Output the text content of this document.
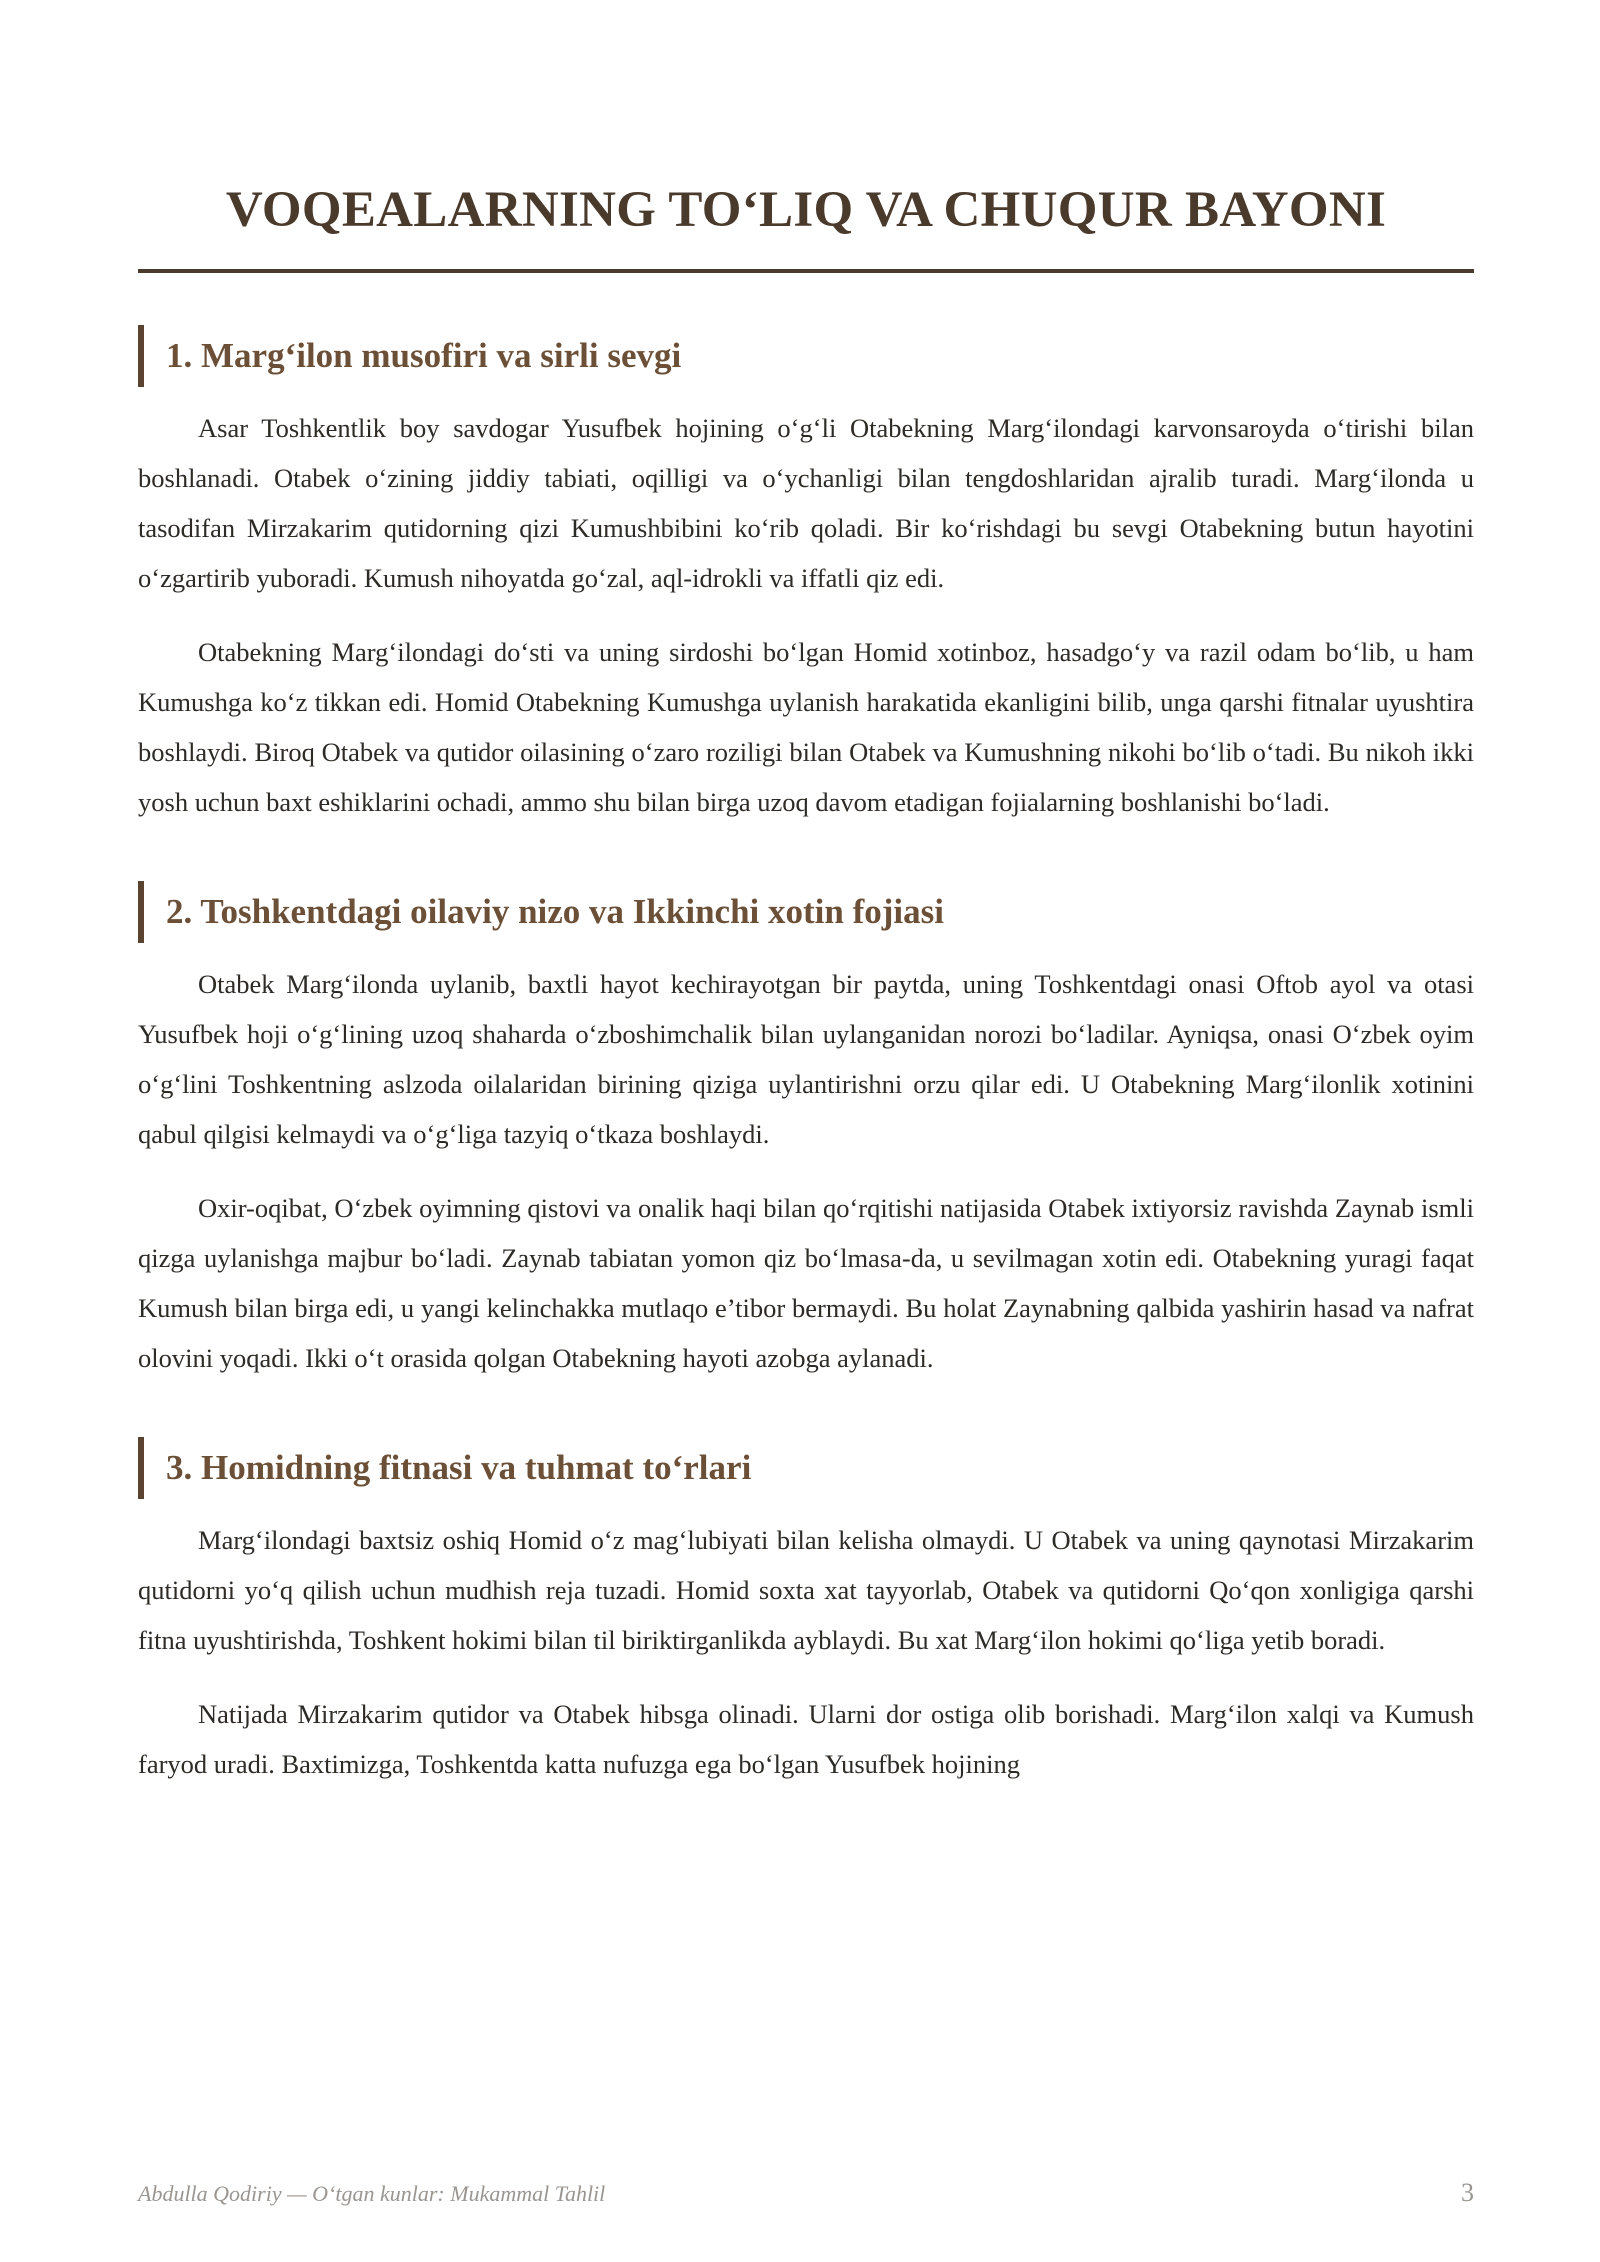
VOQEALARNING TO‘LIQ VA CHUQUR BAYONI
1. Marg‘ilon musofiri va sirli sevgi

Asar Toshkentlik boy savdogar Yusufbek hojining o‘g‘li Otabekning Marg‘ilondagi karvonsaroyda o‘tirishi bilan boshlanadi. Otabek o‘zining jiddiy tabiati, oqilligi va o‘ychanligi bilan tengdoshlaridan ajralib turadi. Marg‘ilonda u tasodifan Mirzakarim qutidorning qizi Kumushbibini ko‘rib qoladi. Bir ko‘rishdagi bu sevgi Otabekning butun hayotini o‘zgartirib yuboradi. Kumush nihoyatda go‘zal, aql-idrokli va iffatli qiz edi.

Otabekning Marg‘ilondagi do‘sti va uning sirdoshi bo‘lgan Homid xotinboz, hasadgo‘y va razil odam bo‘lib, u ham Kumushga ko‘z tikkan edi. Homid Otabekning Kumushga uylanish harakatida ekanligini bilib, unga qarshi fitnalar uyushtira boshlaydi. Biroq Otabek va qutidor oilasining o‘zaro roziligi bilan Otabek va Kumushning nikohi bo‘lib o‘tadi. Bu nikoh ikki yosh uchun baxt eshiklarini ochadi, ammo shu bilan birga uzoq davom etadigan fojialarning boshlanishi bo‘ladi.

2. Toshkentdagi oilaviy nizo va Ikkinchi xotin fojiasi

Otabek Marg‘ilonda uylanib, baxtli hayot kechirayotgan bir paytda, uning Toshkentdagi onasi Oftob ayol va otasi Yusufbek hoji o‘g‘lining uzoq shaharda o‘zboshimchalik bilan uylanganidan norozi bo‘ladilar. Ayniqsa, onasi O‘zbek oyim o‘g‘lini Toshkentning aslzoda oilalaridan birining qiziga uylantirishni orzu qilar edi. U Otabekning Marg‘ilonlik xotinini qabul qilgisi kelmaydi va o‘g‘liga tazyiq o‘tkaza boshlaydi.

Oxir-oqibat, O‘zbek oyimning qistovi va onalik haqi bilan qo‘rqitishi natijasida Otabek ixtiyorsiz ravishda Zaynab ismli qizga uylanishga majbur bo‘ladi. Zaynab tabiatan yomon qiz bo‘lmasa-da, u sevilmagan xotin edi. Otabekning yuragi faqat Kumush bilan birga edi, u yangi kelinchakka mutlaqo e’tibor bermaydi. Bu holat Zaynabning qalbida yashirin hasad va nafrat olovini yoqadi. Ikki o‘t orasida qolgan Otabekning hayoti azobga aylanadi.

3. Homidning fitnasi va tuhmat to‘rlari

Marg‘ilondagi baxtsiz oshiq Homid o‘z mag‘lubiyati bilan kelisha olmaydi. U Otabek va uning qaynotasi Mirzakarim qutidorni yo‘q qilish uchun mudhish reja tuzadi. Homid soxta xat tayyorlab, Otabek va qutidorni Qo‘qon xonligiga qarshi fitna uyushtirishda, Toshkent hokimi bilan til biriktirganlikda ayblaydi. Bu xat Marg‘ilon hokimi qo‘liga yetib boradi.

Natijada Mirzakarim qutidor va Otabek hibsga olinadi. Ularni dor ostiga olib borishadi. Marg‘ilon xalqi va Kumush faryod uradi. Baxtimizga, Toshkentda katta nufuzga ega bo‘lgan Yusufbek hojining

Abdulla Qodiriy — O‘tgan kunlar: Mukammal Tahlil	3
